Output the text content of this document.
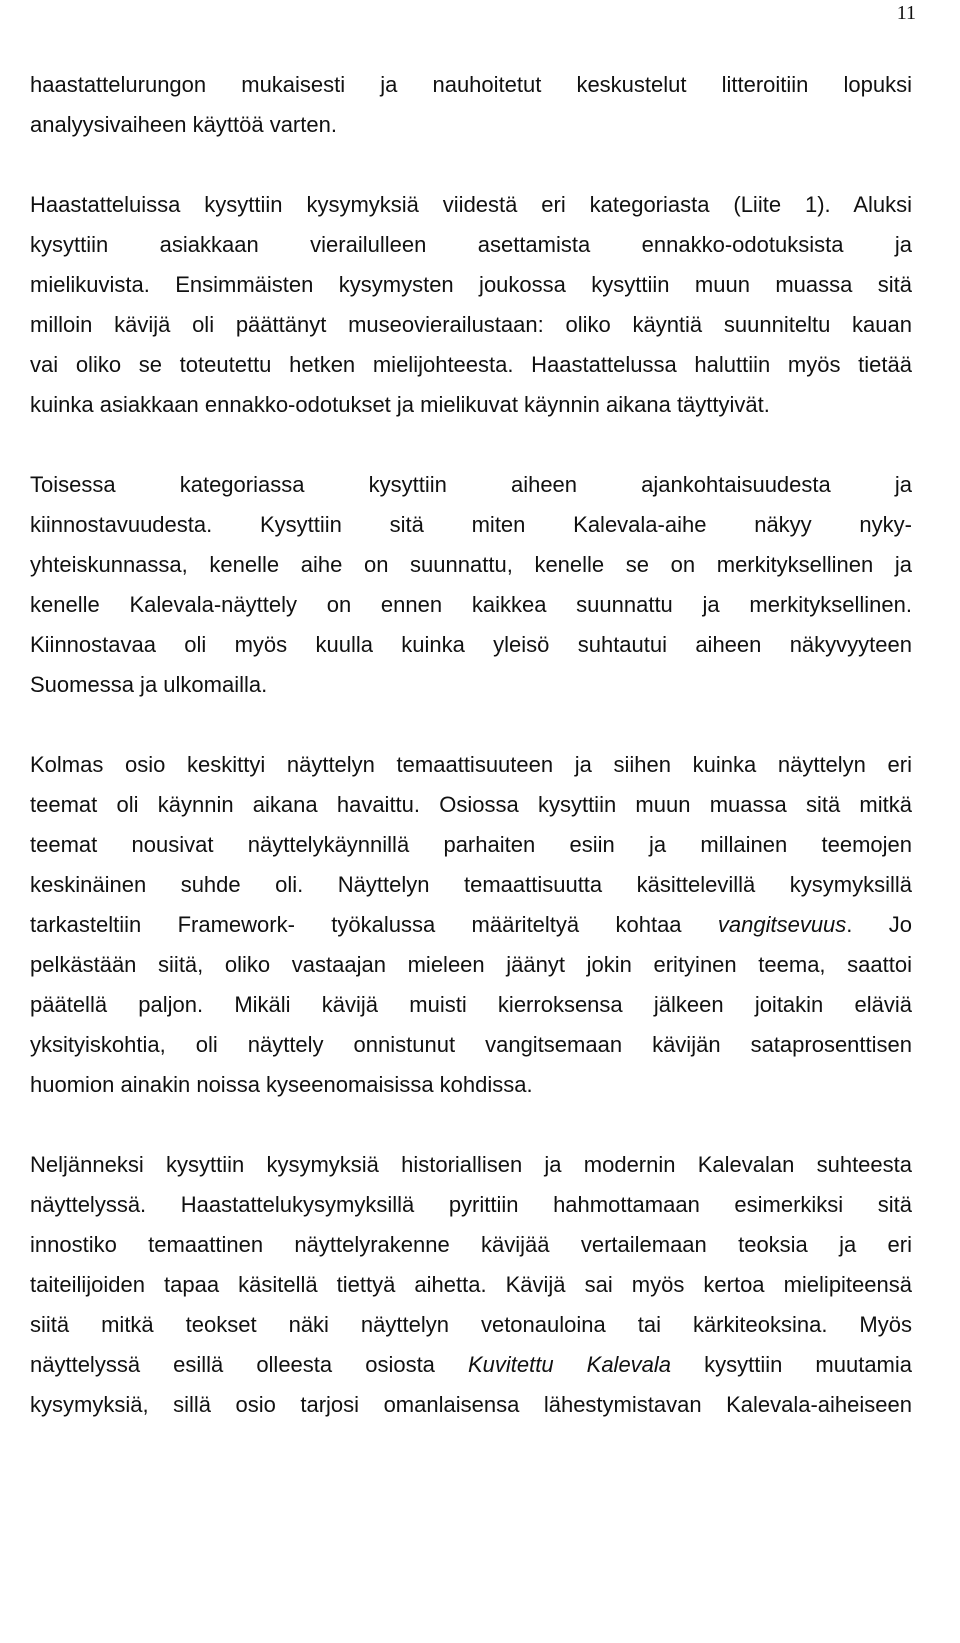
11

haastattelurungon mukaisesti ja nauhoitetut keskustelut litteroitiin lopuksi
analyysivaiheen käyttöä varten.

Haastatteluissa kysyttiin kysymyksiä viidestä eri kategoriasta (Liite 1). Aluksi
kysyttiin asiakkaan vierailulleen asettamista ennakko-odotuksista ja
mielikuvista. Ensimmäisten kysymysten joukossa kysyttiin muun muassa sitä
milloin kävijä oli päättänyt museovierailustaan: oliko käyntiä suunniteltu kauan
vai oliko se toteutettu hetken mielijohteesta. Haastattelussa haluttiin myös tietää
kuinka asiakkaan ennakko-odotukset ja mielikuvat käynnin aikana täyttyivät.

Toisessa kategoriassa kysyttiin aiheen ajankohtaisuudesta ja
kiinnostavuudesta. Kysyttiin sitä miten Kalevala-aihe näkyy nyky-
yhteiskunnassa, kenelle aihe on suunnattu, kenelle se on merkityksellinen ja
kenelle Kalevala-näyttely on ennen kaikkea suunnattu ja merkityksellinen.
Kiinnostavaa oli myös kuulla kuinka yleisö suhtautui aiheen näkyvyyteen
Suomessa ja ulkomailla.

Kolmas osio keskittyi näyttelyn temaattisuuteen ja siihen kuinka näyttelyn eri
teemat oli käynnin aikana havaittu. Osiossa kysyttiin muun muassa sitä mitkä
teemat nousivat näyttelykäynnillä parhaiten esiin ja millainen teemojen
keskinäinen suhde oli. Näyttelyn temaattisuutta käsittelevillä kysymyksillä
tarkasteltiin Framework- työkalussa määriteltyä kohtaa vangitsevuus. Jo
pelkästään siitä, oliko vastaajan mieleen jäänyt jokin erityinen teema, saattoi
päätellä paljon. Mikäli kävijä muisti kierroksensa jälkeen joitakin eläviä
yksityiskohtia, oli näyttely onnistunut vangitsemaan kävijän sataprosenttisen
huomion ainakin noissa kyseenomaisissa kohdissa.

Neljänneksi kysyttiin kysymyksiä historiallisen ja modernin Kalevalan suhteesta
näyttelyssä. Haastattelukysymyksillä pyrittiin hahmottamaan esimerkiksi sitä
innostiko temaattinen näyttelyrakenne kävijää vertailemaan teoksia ja eri
taiteilijoiden tapaa käsitellä tiettyä aihetta. Kävijä sai myös kertoa mielipiteensä
siitä mitkä teokset näki näyttelyn vetonauloina tai kärkiteoksina. Myös
näyttelyssä esillä olleesta osiosta Kuvitettu Kalevala kysyttiin muutamia
kysymyksiä, sillä osio tarjosi omanlaisensa lähestymistavan Kalevala-aiheiseen
